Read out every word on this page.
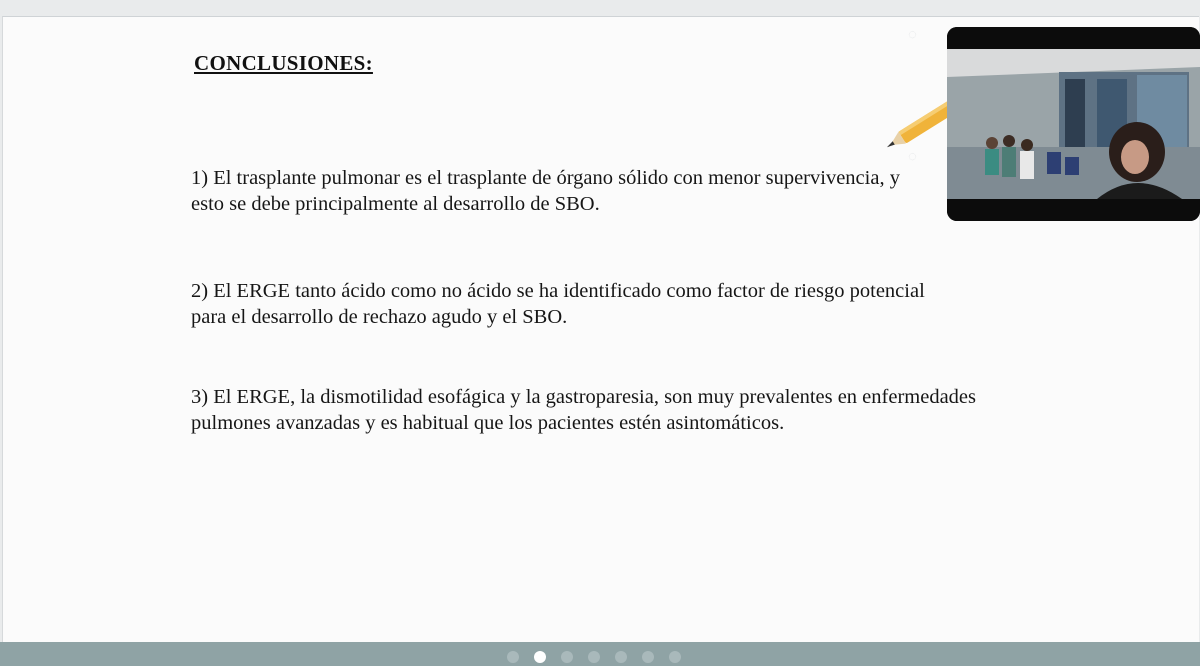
CONCLUSIONES:
1) El trasplante pulmonar es el trasplante de órgano sólido con menor supervivencia, y esto se debe principalmente al desarrollo de SBO.
2) El ERGE tanto ácido como no ácido se ha identificado como factor de riesgo potencial para el desarrollo de rechazo agudo y el SBO.
3) El ERGE, la dismotilidad esofágica y la gastroparesia, son muy prevalentes en enfermedades pulmones avanzadas y es habitual que los pacientes estén asintomáticos.
◌
◌
